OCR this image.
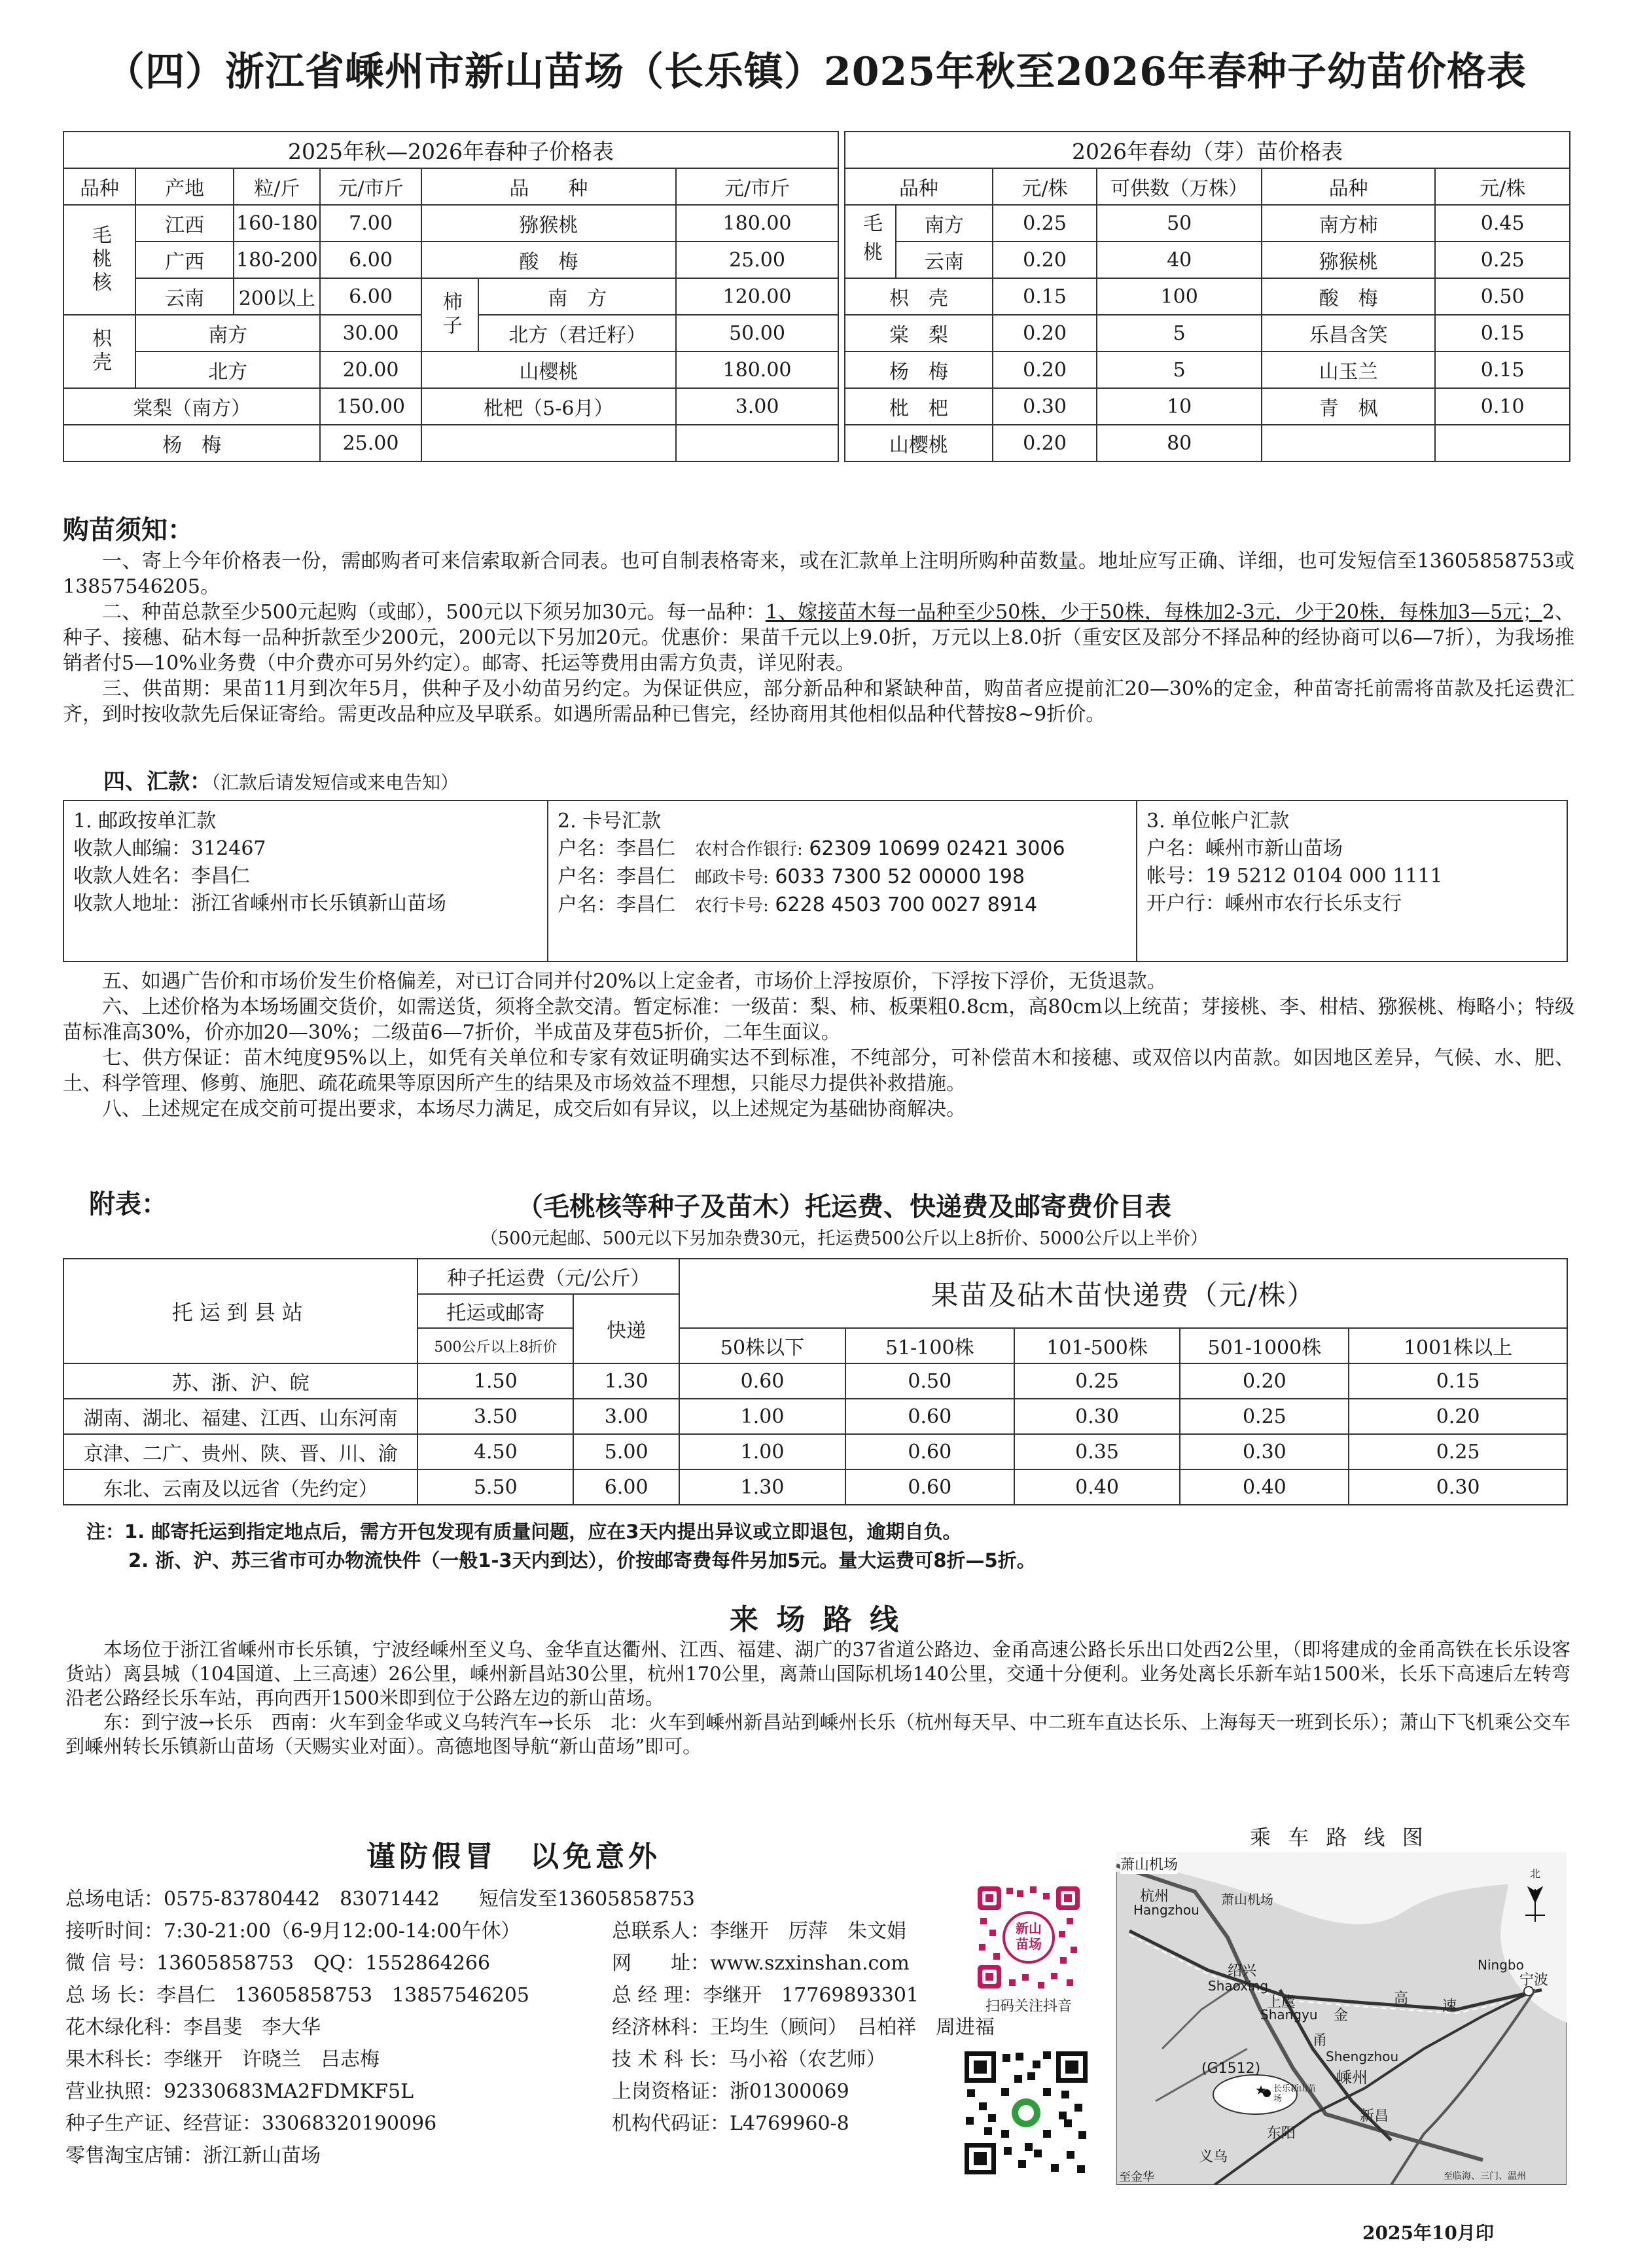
（四）浙江省嵊州市新山苗场（长乐镇）2025年秋至2026年春种子幼苗价格表
2025年秋—2026年春种子价格表						
品种	产地	粒/斤	元/市斤	品　　种		元/市斤
毛桃核	江西	160-180	7.00	猕猴桃		180.00
	广西	180-200	6.00	酸　梅		25.00
	云南	200以上	6.00	柿子	南　方	120.00
枳壳	南方		30.00		北方（君迁籽）	50.00
	北方		20.00	山樱桃		180.00
棠梨（南方）			150.00	枇杷（5-6月）		3.00
杨　梅			25.00			
2026年春幼（芽）苗价格表					
品种		元/株	可供数（万株）	品种	元/株
毛桃	南方	0.25	50	南方柿	0.45
	云南	0.20	40	猕猴桃	0.25
枳　壳		0.15	100	酸　梅	0.50
棠　梨		0.20	5	乐昌含笑	0.15
杨　梅		0.20	5	山玉兰	0.15
枇　杷		0.30	10	青　枫	0.10
山樱桃		0.20	80		
购苗须知：
一、寄上今年价格表一份，需邮购者可来信索取新合同表。也可自制表格寄来，或在汇款单上注明所购种苗数量。地址应写正确、详细，也可发短信至13605858753或13857546205。
二、种苗总款至少500元起购（或邮），500元以下须另加30元。每一品种：1、嫁接苗木每一品种至少50株，少于50株，每株加2-3元，少于20株，每株加3—5元；2、种子、接穗、砧木每一品种折款至少200元，200元以下另加20元。优惠价：果苗千元以上9.0折，万元以上8.0折（重安区及部分不择品种的经协商可以6—7折），为我场推销者付5—10%业务费（中介费亦可另外约定）。邮寄、托运等费用由需方负责，详见附表。
三、供苗期：果苗11月到次年5月，供种子及小幼苗另约定。为保证供应，部分新品种和紧缺种苗，购苗者应提前汇20—30%的定金，种苗寄托前需将苗款及托运费汇齐，到时按收款先后保证寄给。需更改品种应及早联系。如遇所需品种已售完，经协商用其他相似品种代替按8~9折价。
四、汇款：（汇款后请发短信或来电告知）
1. 邮政按单汇款
收款人邮编：312467
收款人姓名：李昌仁
收款人地址：浙江省嵊州市长乐镇新山苗场

2. 卡号汇款
户名：李昌仁　 农村合作银行: 62309 10699 02421 3006
户名：李昌仁　 邮政卡号: 6033 7300 52 00000 198
户名：李昌仁　 农行卡号: 6228 4503 700 0027 8914

3. 单位帐户汇款
户名：嵊州市新山苗场
帐号：19 5212 0104 000 1111
开户行：嵊州市农行长乐支行
五、如遇广告价和市场价发生价格偏差，对已订合同并付20%以上定金者，市场价上浮按原价，下浮按下浮价，无货退款。
六、上述价格为本场场圃交货价，如需送货，须将全款交清。暂定标准：一级苗：梨、柿、板栗粗0.8cm，高80cm以上统苗；芽接桃、李、柑桔、猕猴桃、梅略小；特级苗标准高30%，价亦加20—30%；二级苗6—7折价，半成苗及芽苞5折价，二年生面议。
七、供方保证：苗木纯度95%以上，如凭有关单位和专家有效证明确实达不到标准，不纯部分，可补偿苗木和接穗、或双倍以内苗款。如因地区差异，气候、水、肥、土、科学管理、修剪、施肥、疏花疏果等原因所产生的结果及市场效益不理想，只能尽力提供补救措施。
八、上述规定在成交前可提出要求，本场尽力满足，成交后如有异议，以上述规定为基础协商解决。
附表：	（毛桃核等种子及苗木）托运费、快递费及邮寄费价目表
（500元起邮、500元以下另加杂费30元，托运费500公斤以上8折价、5000公斤以上半价）
托运到县站	种子托运费（元/公斤）		果苗及砧木苗快递费（元/株）				
	托运或邮寄	快递					
	500公斤以上8折价		50株以下	51-100株	101-500株	501-1000株	1001株以上
苏、浙、沪、皖	1.50	1.30	0.60	0.50	0.25	0.20	0.15
湖南、湖北、福建、江西、山东河南	3.50	3.00	1.00	0.60	0.30	0.25	0.20
京津、二广、贵州、陕、晋、川、渝	4.50	5.00	1.00	0.60	0.35	0.30	0.25
东北、云南及以远省（先约定）	5.50	6.00	1.30	0.60	0.40	0.40	0.30
注：1. 邮寄托运到指定地点后，需方开包发现有质量问题，应在3天内提出异议或立即退包，逾期自负。
2. 浙、沪、苏三省市可办物流快件（一般1-3天内到达），价按邮寄费每件另加5元。量大运费可8折—5折。
来 场 路 线
本场位于浙江省嵊州市长乐镇，宁波经嵊州至义乌、金华直达衢州、江西、福建、湖广的37省道公路边、金甬高速公路长乐出口处西2公里，（即将建成的金甬高铁在长乐设客货站）离县城（104国道、上三高速）26公里，嵊州新昌站30公里，杭州170公里，离萧山国际机场140公里，交通十分便利。业务处离长乐新车站1500米，长乐下高速后左转弯沿老公路经长乐车站，再向西开1500米即到位于公路左边的新山苗场。
东：到宁波→长乐　西南：火车到金华或义乌转汽车→长乐　北：火车到嵊州新昌站到嵊州长乐（杭州每天早、中二班车直达长乐、上海每天一班到长乐）；萧山下飞机乘公交车到嵊州转长乐镇新山苗场（天赐实业对面）。高德地图导航“新山苗场”即可。
谨防假冒　以免意外
总场电话：0575-83780442　83071442　　短信发至13605858753
接听时间：7:30-21:00（6-9月12:00-14:00午休）
微 信 号：13605858753　QQ：1552864266
总 场 长：李昌仁　13605858753　13857546205
花木绿化科：李昌斐　李大华
果木科长：李继开　许晓兰　吕志梅
营业执照：92330683MA2FDMKF5L
种子生产证、经营证：33068320190096
零售淘宝店铺：浙江新山苗场

总联系人：李继开　厉萍　朱文娟
网　　址：www.szxinshan.com
总 经 理：李继开　17769893301
经济林科：王均生（顾问）　吕柏祥　周进福
技 术 科 长：马小裕（农艺师）
上岗资格证：浙01300069
机构代码证：L4769960-8
新山苗场
扫码关注抖音
乘 车 路 线 图
萧山机场
杭州
Hangzhou
萧山机场
绍兴
Shaoxing
上虞
Shangyu
Ningbo
宁波
Shengzhou
嵊州
新昌
东阳
义乌
(G1512)
长乐新山苗场
至金华	至临海、三门、温州
北
高 速
金
甬
2025年10月印
